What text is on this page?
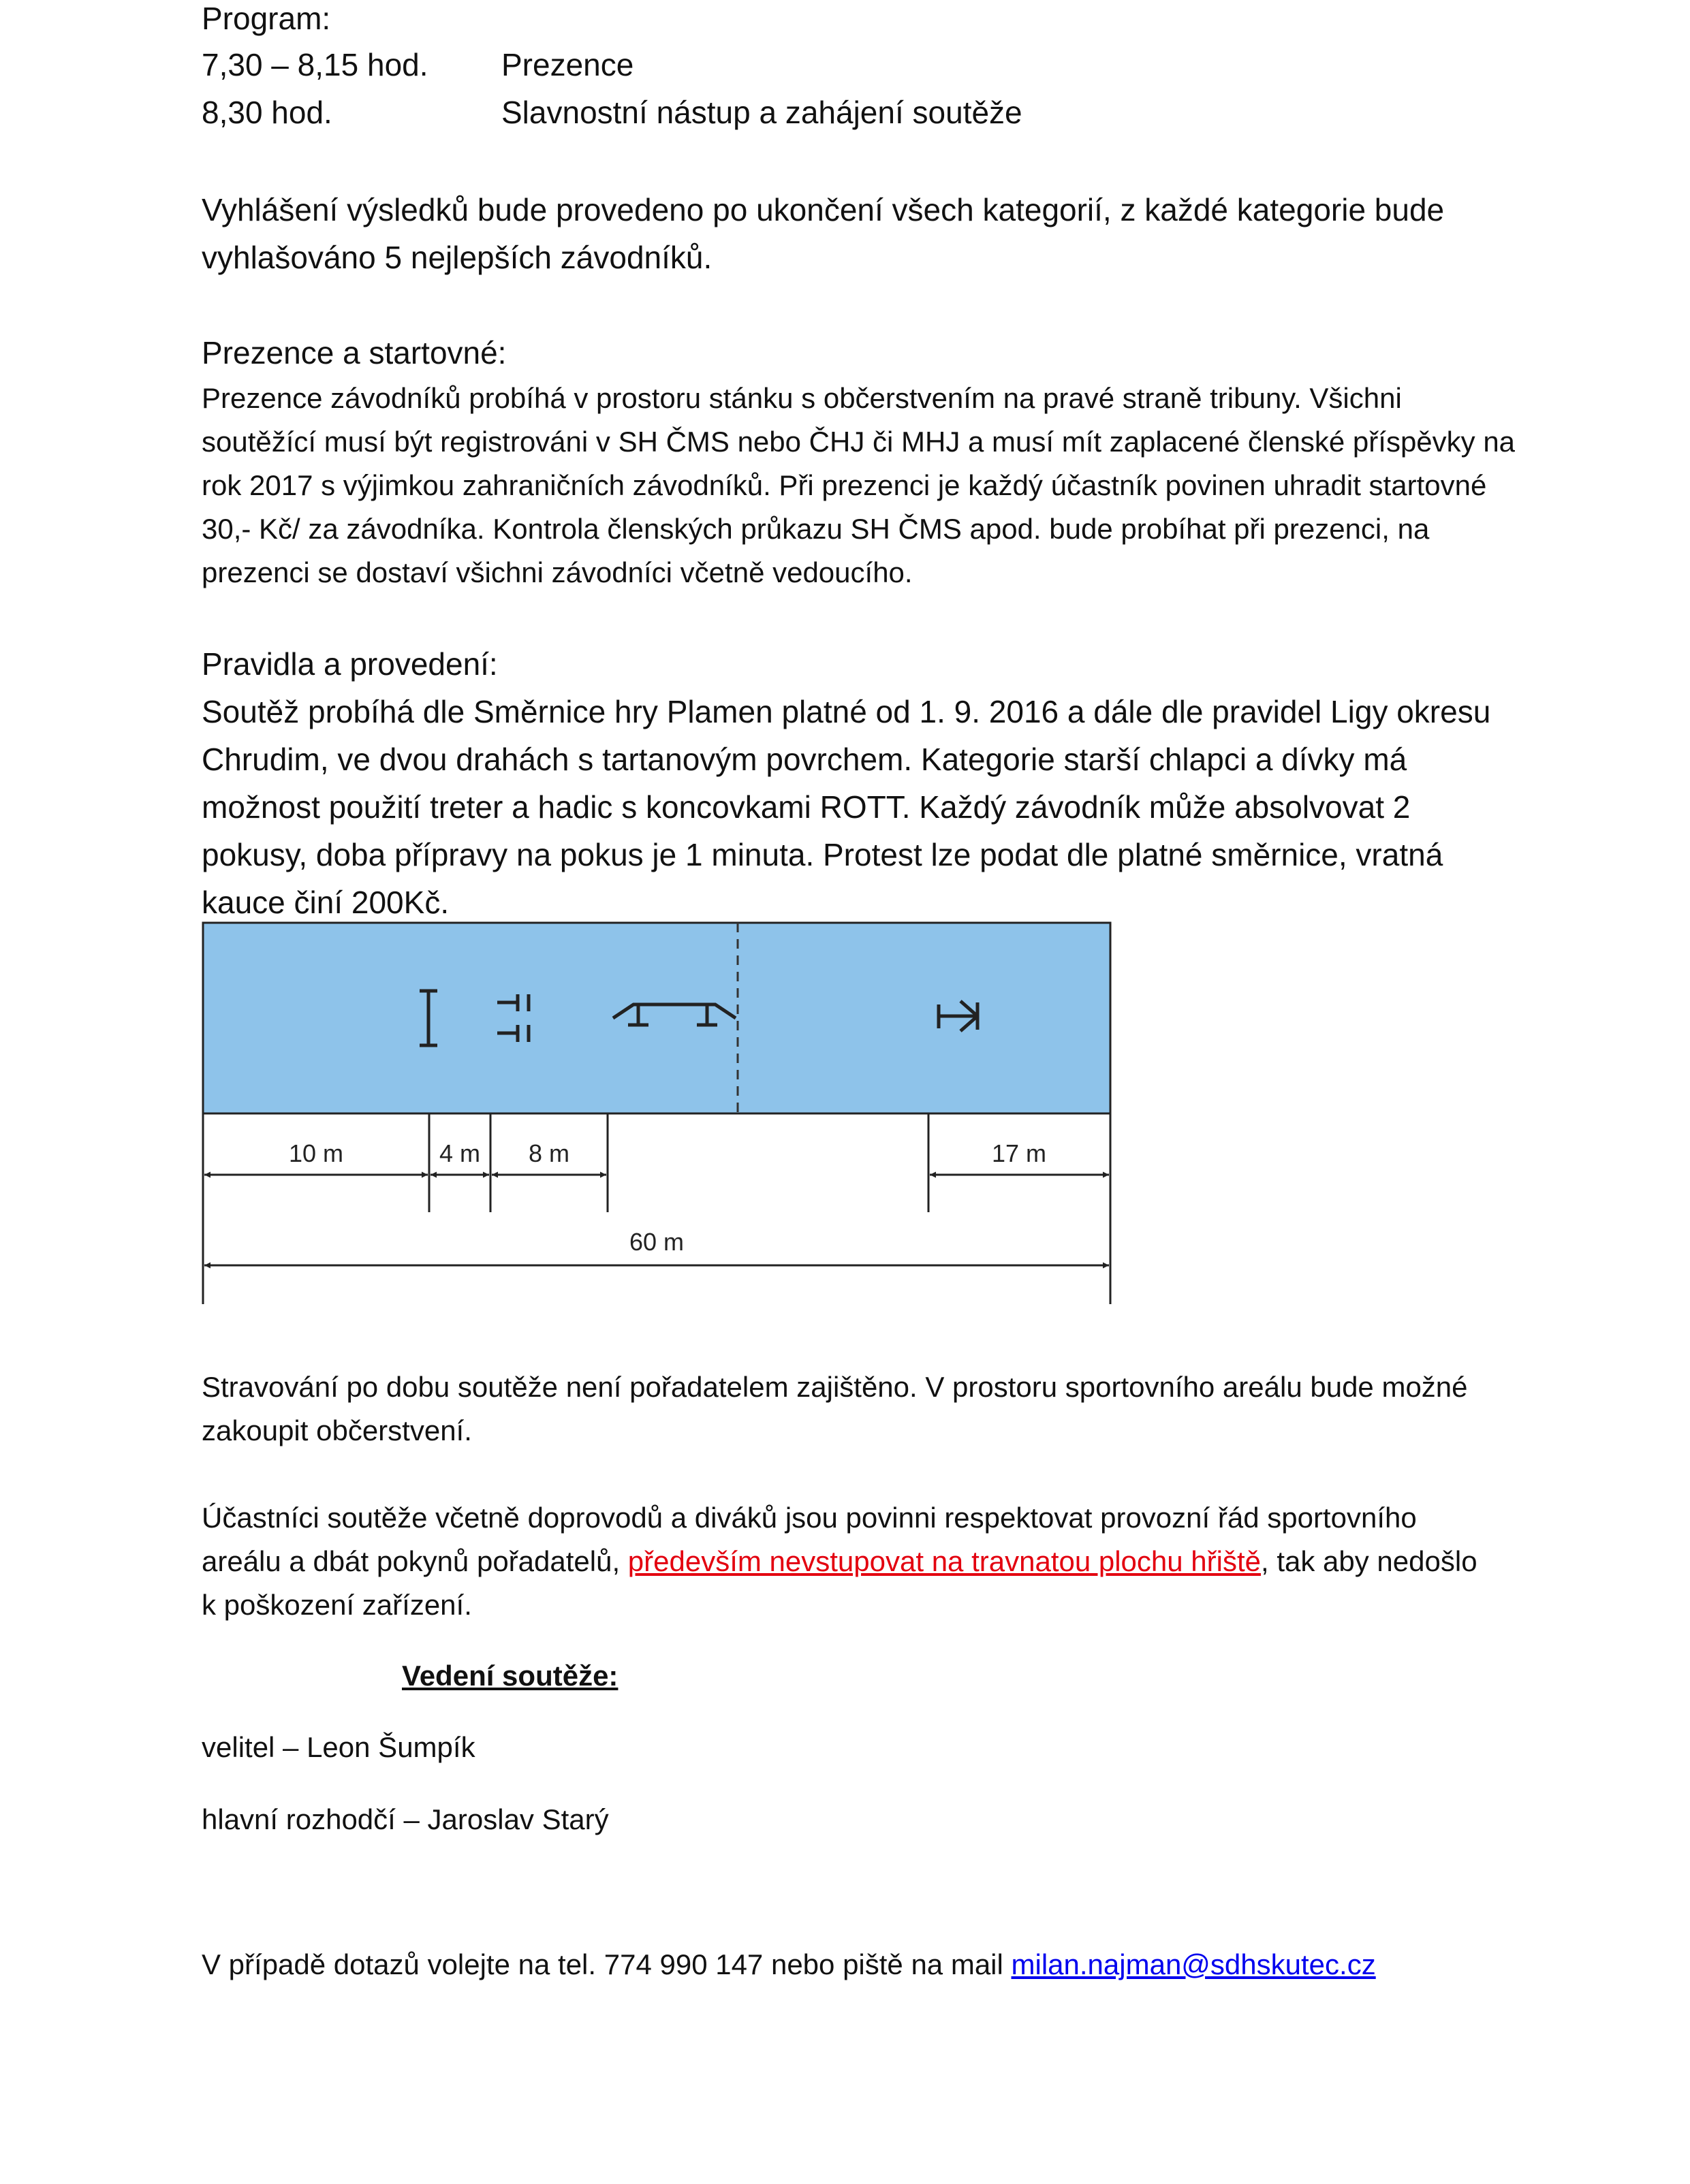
Program:

7,30 – 8,15 hod. Prezence
8,30 hod.	Slavnostní nástup a zahájení soutěže
Vyhlášení výsledků bude provedeno po ukončení všech kategorií, z každé kategorie bude
vyhlašováno 5 nejlepších závodníků.

Prezence a startovné:

Prezence závodníků probíhá v prostoru stánku s občerstvením na pravé straně tribuny. Všichni
soutěžící musí být registrováni v SH ČMS nebo ČHJ či MHJ a musí mít zaplacené členské příspěvky na
rok 2017 s výjimkou zahraničních závodníků. Při prezenci je každý účastník povinen uhradit startovné
30,- Kč/ za závodníka. Kontrola členských průkazu SH ČMS apod. bude probíhat při prezenci, na
prezenci se dostaví všichni závodníci včetně vedoucího.

Pravidla a provedení:

Soutěž probíhá dle Směrnice hry Plamen platné od 1. 9. 2016 a dále dle pravidel Ligy okresu
Chrudim, ve dvou drahách s tartanovým povrchem. Kategorie starší chlapci a dívky má
možnost použití treter a hadic s koncovkami ROTT. Každý závodník může absolvovat 2
pokusy, doba přípravy na pokus je 1 minuta. Protest lze podat dle platné směrnice, vratná
kauce činí 200Kč.
10 m	4 m 8 m	17 m
60 m
Stravování po dobu soutěže není pořadatelem zajištěno. V prostoru sportovního areálu bude možné
zakoupit občerstvení.
Účastníci soutěže včetně doprovodů a diváků jsou povinni respektovat provozní řád sportovního
areálu a dbát pokynů pořadatelů, především nevstupovat na travnatou plochu hřiště, tak aby nedošlo
k poškození zařízení.

Vedení soutěže:

velitel – Leon Šumpík

hlavní rozhodčí – Jaroslav Starý

V případě dotazů volejte na tel. 774 990 147 nebo piště na mail milan.najman@sdhskutec.cz
